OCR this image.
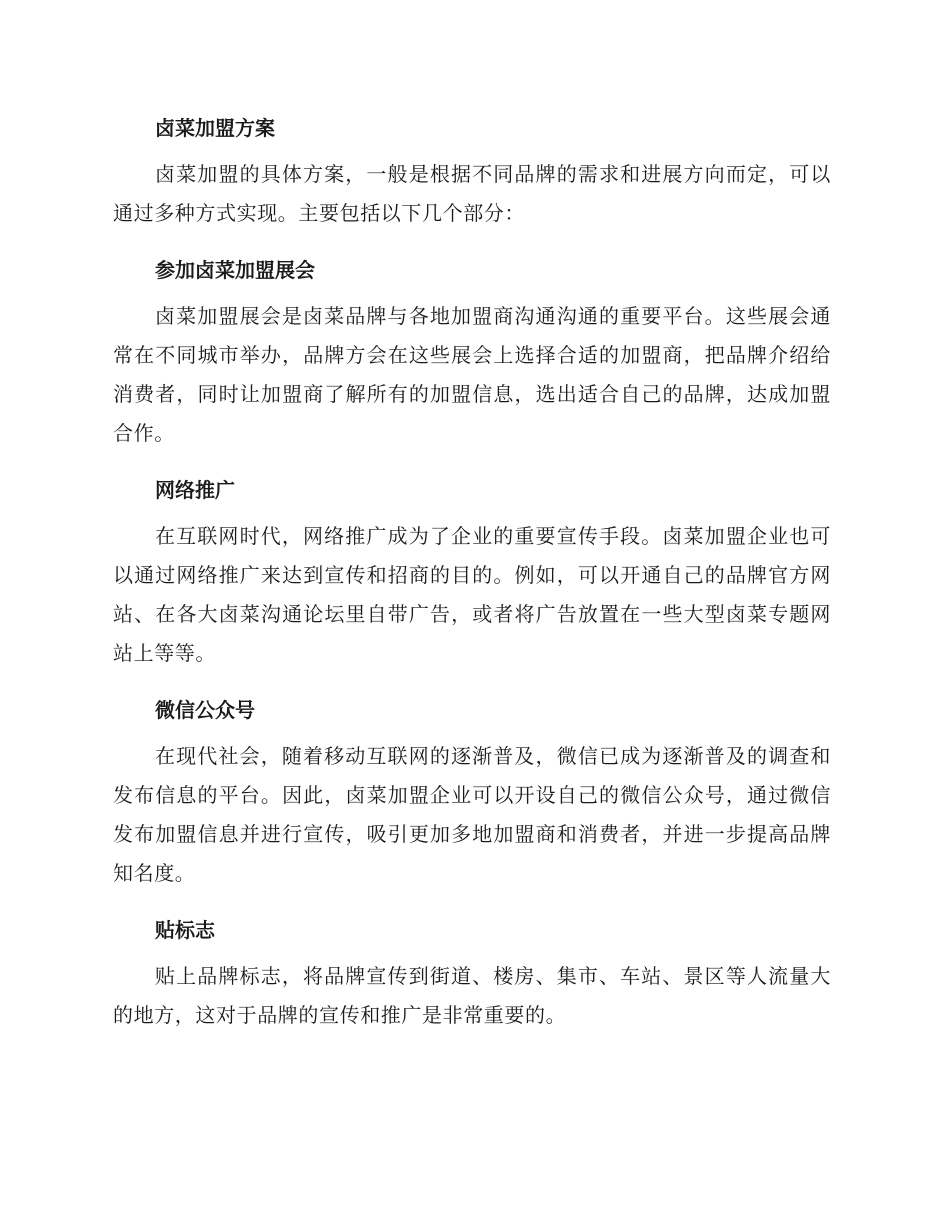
卤菜加盟方案

卤菜加盟的具体方案，一般是根据不同品牌的需求和进展方向而定，可以通过多种方式实现。主要包括以下几个部分：

参加卤菜加盟展会

卤菜加盟展会是卤菜品牌与各地加盟商沟通沟通的重要平台。这些展会通常在不同城市举办，品牌方会在这些展会上选择合适的加盟商，把品牌介绍给消费者，同时让加盟商了解所有的加盟信息，选出适合自己的品牌，达成加盟合作。

网络推广

在互联网时代，网络推广成为了企业的重要宣传手段。卤菜加盟企业也可以通过网络推广来达到宣传和招商的目的。例如，可以开通自己的品牌官方网站、在各大卤菜沟通论坛里自带广告，或者将广告放置在一些大型卤菜专题网站上等等。

微信公众号

在现代社会，随着移动互联网的逐渐普及，微信已成为逐渐普及的调查和发布信息的平台。因此，卤菜加盟企业可以开设自己的微信公众号，通过微信发布加盟信息并进行宣传，吸引更加多地加盟商和消费者，并进一步提高品牌知名度。

贴标志

贴上品牌标志，将品牌宣传到街道、楼房、集市、车站、景区等人流量大的地方，这对于品牌的宣传和推广是非常重要的。
